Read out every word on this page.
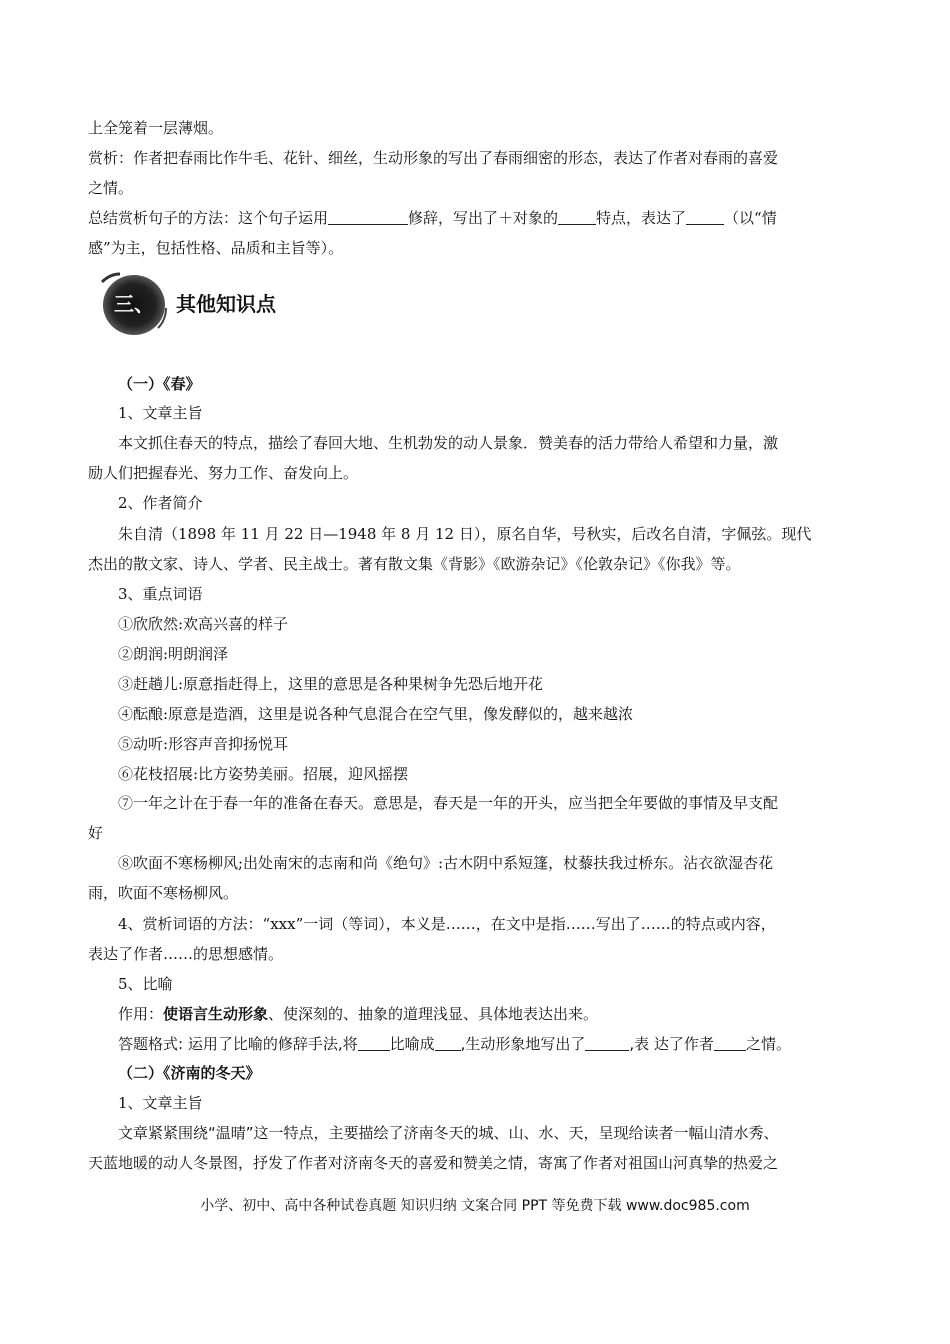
上全笼着一层薄烟。
赏析：作者把春雨比作牛毛、花针、细丝，生动形象的写出了春雨细密的形态，表达了作者对春雨的喜爱
之情。
总结赏析句子的方法：这个句子运用	修辞，写出了＋对象的	特点，表达了	（以“情
感”为主，包括性格、品质和主旨等）。
三、 其他知识点
（一）《春》
1、文章主旨
本文抓住春天的特点，描绘了春回大地、生机勃发的动人景象．赞美春的活力带给人希望和力量，激
励人们把握春光、努力工作、奋发向上。
2、作者简介
朱自清（1898 年 11 月 22 日—1948 年 8 月 12 日），原名自华，号秋实，后改名自清，字佩弦。现代
杰出的散文家、诗人、学者、民主战士。著有散文集《背影》《欧游杂记》《伦敦杂记》《你我》等。
3、重点词语
①欣欣然:欢高兴喜的样子
②朗润:明朗润泽
③赶趟儿:原意指赶得上，这里的意思是各种果树争先恐后地开花
④酝酿:原意是造酒，这里是说各种气息混合在空气里，像发酵似的，越来越浓
⑤动听:形容声音抑扬悦耳
⑥花枝招展:比方姿势美丽。招展，迎风摇摆
⑦一年之计在于春一年的准备在春天。意思是，春天是一年的开头，应当把全年要做的事情及早支配
好
⑧吹面不寒杨柳风;出处南宋的志南和尚《绝句》:古木阴中系短篷，杖藜扶我过桥东。沾衣欲湿杏花
雨，吹面不寒杨柳风。
4、赏析词语的方法：“xxx”一词（等词），本义是……，在文中是指……写出了……的特点或内容，
表达了作者……的思想感情。
5、比喻
作用：使语言生动形象、使深刻的、抽象的道理浅显、具体地表达出来。
答题格式: 运用了比喻的修辞手法,将 比喻成 ,生动形象地写出了	,表 达了作者 之情。
（二）《济南的冬天》
1、文章主旨
文章紧紧围绕“温晴”这一特点，主要描绘了济南冬天的城、山、水、天，呈现给读者一幅山清水秀、
天蓝地暖的动人冬景图，抒发了作者对济南冬天的喜爱和赞美之情，寄寓了作者对祖国山河真挚的热爱之
小学、初中、高中各种试卷真题 知识归纳 文案合同 PPT 等免费下载 www.doc985.com
